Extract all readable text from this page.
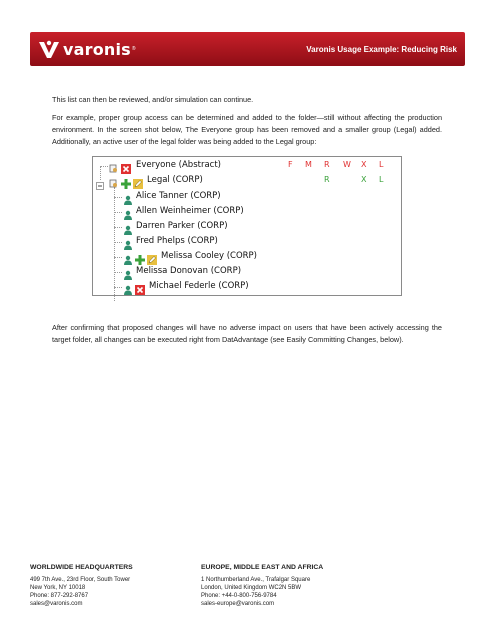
varonis ®	Varonis Usage Example: Reducing Risk
This list can then be reviewed, and/or simulation can continue.
For example, proper group access can be determined and added to the folder—still without affecting the production environment. In the screen shot below, The Everyone group has been removed and a smaller group (Legal) added. Additionally, an active user of the legal folder was being added to the Legal group:
Everyone (Abstract)	F M R W X L
Legal (CORP)	R	X L
Alice Tanner (CORP)
Allen Weinheimer (CORP)
Darren Parker (CORP)
Fred Phelps (CORP)
Melissa Cooley (CORP)
Melissa Donovan (CORP)
Michael Federle (CORP)
After confirming that proposed changes will have no adverse impact on users that have been actively accessing the target folder, all changes can be executed right from DatAdvantage (see Easily Committing Changes, below).
WORLDWIDE HEADQUARTERS
499 7th Ave., 23rd Floor, South Tower
New York, NY 10018
Phone: 877-292-8767
sales@varonis.com
EUROPE, MIDDLE EAST AND AFRICA
1 Northumberland Ave., Trafalgar Square
London, United Kingdom WC2N 5BW
Phone: +44-0-800-756-9784
sales-europe@varonis.com
